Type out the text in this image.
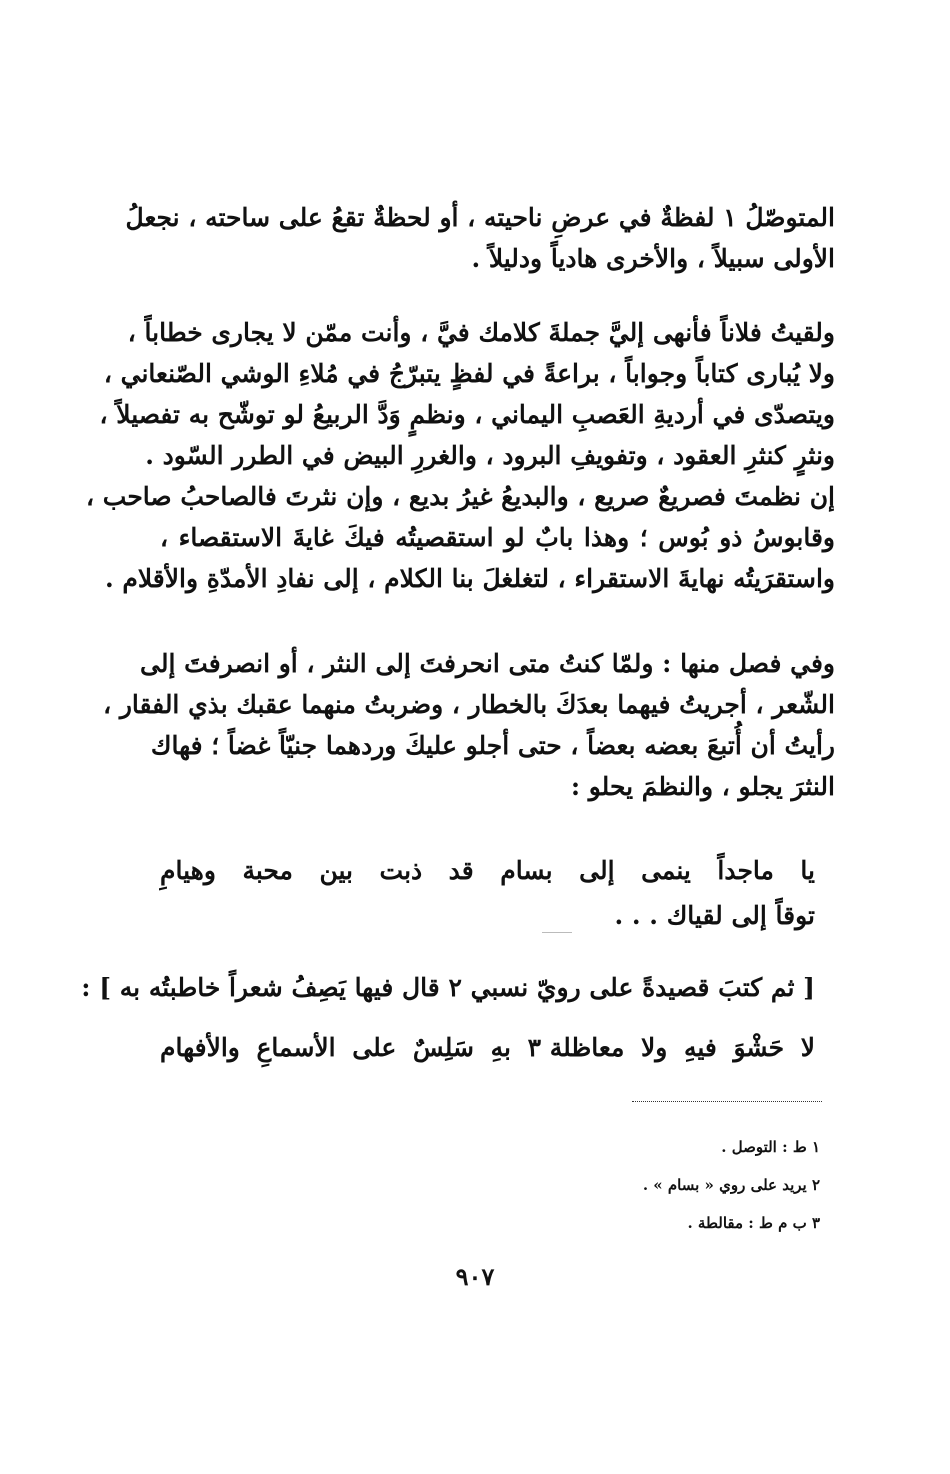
المتوصّلُ ١ لفظةٌ في عرضِ ناحيته ، أو لحظةٌ تقعُ على ساحته ، نجعلُ
الأولى سبيلاً ، والأخرى هادياً ودليلاً .
ولقيتُ فلاناً فأنهى إليَّ جملةَ كلامك فيَّ ، وأنت ممّن لا يجارى خطاباً ،
ولا يُبارى كتاباً وجواباً ، براعةً في لفظٍ يتبرّجُ في مُلاءِ الوشي الصّنعاني ،
ويتصدّى في أرديةِ العَصبِ اليماني ، ونظمٍ وَدَّ الربيعُ لو توشّح به تفصيلاً ،
ونثرٍ كنثرِ العقود ، وتفويفِ البرود ، والغررِ البيض في الطرر السّود .
إن نظمتَ فصريعٌ صريع ، والبديعُ غيرُ بديع ، وإن نثرتَ فالصاحبُ صاحب ،
وقابوسُ ذو بُوس ؛ وهذا بابٌ لو استقصيتُه فيكَ غايةَ الاستقصاء ،
واستقرَيتُه نهايةَ الاستقراء ، لتغلغلَ بنا الكلام ، إلى نفادِ الأمدّةِ والأقلام .
وفي فصل منها : ولمّا كنتُ متى انحرفتَ إلى النثر ، أو انصرفتَ إلى
الشّعر ، أجريتُ فيهما بعدَكَ بالخطار ، وضربتُ منهما عقبك بذي الفقار ،
رأيتُ أن أُتبعَ بعضه بعضاً ، حتى أجلو عليكَ وردهما جنيّاً غضاً ؛ فهاك
النثرَ يجلو ، والنظمَ يحلو :
يا
ماجداً
ينمى
إلى
بسام
قد
ذبت
بين
محبة
وهيامِ
توقاً إلى لقياك . . .
[ ثم كتبَ قصيدةً على رويّ نسبي ٢ قال فيها يَصِفُ شعراً خاطبتُه به ] :
لا
حَشْوَ
فيهِ
ولا
معاظلة ٣
بهِ
سَلِسٌ
على
الأسماعِ
والأفهام
١ ط : التوصل .
٢ يريد على روي « بسام » .
٣ ب م ط : مقالطة .
٩٠٧
